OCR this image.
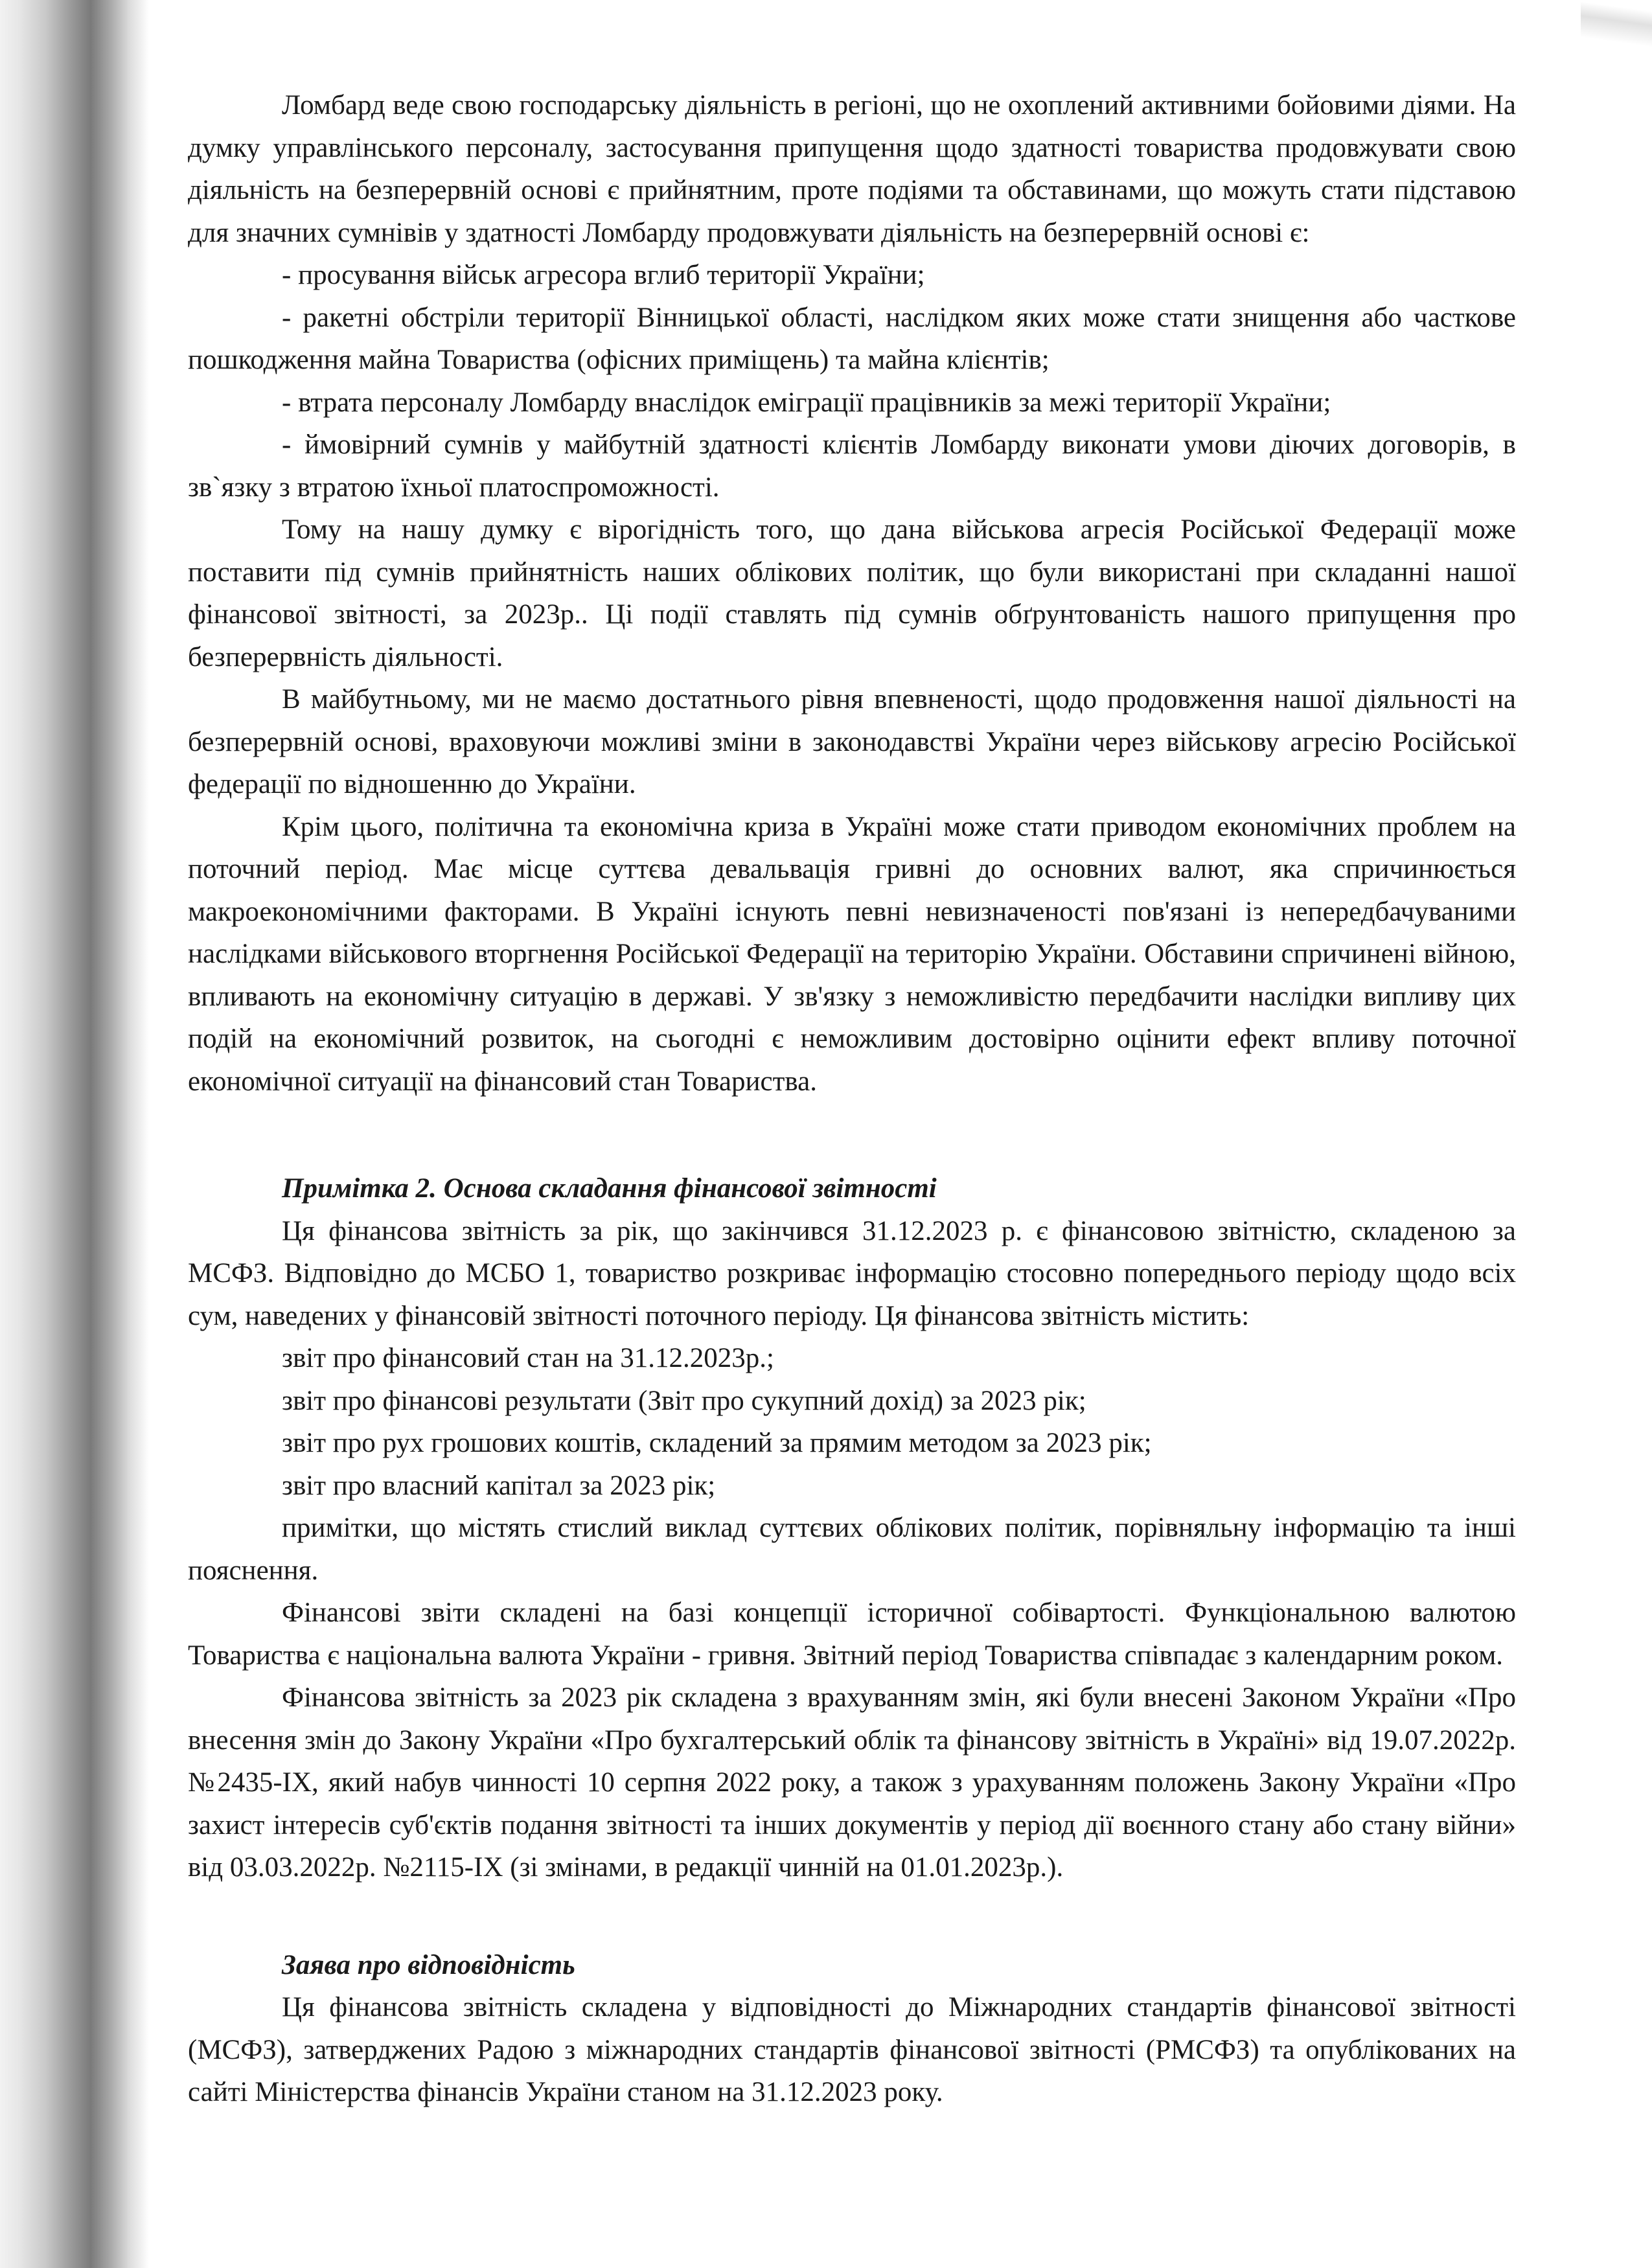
Ломбард веде свою господарську діяльність в регіоні, що не охоплений активними бойовими діями. На думку управлінського персоналу, застосування припущення щодо здатності товариства продовжувати свою діяльність на безперервній основі є прийнятним, проте подіями та обставинами, що можуть стати підставою для значних сумнівів у здатності Ломбарду продовжувати діяльність на безперервній основі є:

- просування військ агресора вглиб території України;

- ракетні обстріли території Вінницької області, наслідком яких може стати знищення або часткове пошкодження майна Товариства (офісних приміщень) та майна клієнтів;

- втрата персоналу Ломбарду внаслідок еміграції працівників за межі території України;

- ймовірний сумнів у майбутній здатності клієнтів Ломбарду виконати умови діючих договорів, в зв`язку з втратою їхньої платоспроможності.

Тому на нашу думку є вірогідність того, що дана військова агресія Російської Федерації може поставити під сумнів прийнятність наших облікових політик, що були використані при складанні нашої фінансової звітності, за 2023р.. Ці події ставлять під сумнів обґрунтованість нашого припущення про безперервність діяльності.

В майбутньому, ми не маємо достатнього рівня впевненості, щодо продовження нашої діяльності на безперервній основі, враховуючи можливі зміни в законодавстві України через військову агресію Російської федерації по відношенню до України.

Крім цього, політична та економічна криза в Україні може стати приводом економічних проблем на поточний період. Має місце суттєва девальвація гривні до основних валют, яка спричинюється макроекономічними факторами. В Україні існують певні невизначеності пов'язані із непередбачуваними наслідками військового вторгнення Російської Федерації на територію України. Обставини спричинені війною, впливають на економічну ситуацію в державі. У зв'язку з неможливістю передбачити наслідки випливу цих подій на економічний розвиток, на сьогодні є неможливим достовірно оцінити ефект впливу поточної економічної ситуації на фінансовий стан Товариства.

Примітка 2. Основа складання фінансової звітності

Ця фінансова звітність за рік, що закінчився 31.12.2023 р. є фінансовою звітністю, складеною за МСФЗ. Відповідно до МСБО 1, товариство розкриває інформацію стосовно попереднього періоду щодо всіх сум, наведених у фінансовій звітності поточного періоду. Ця фінансова звітність містить:

звіт про фінансовий стан на 31.12.2023р.;

звіт про фінансові результати (Звіт про сукупний дохід) за 2023 рік;

звіт про рух грошових коштів, складений за прямим методом за 2023 рік;

звіт про власний капітал за 2023 рік;

примітки, що містять стислий виклад суттєвих облікових політик, порівняльну інформацію та інші пояснення.

Фінансові звіти складені на базі концепції історичної собівартості. Функціональною валютою Товариства є національна валюта України - гривня. Звітний період Товариства співпадає з календарним роком.

Фінансова звітність за 2023 рік складена з врахуванням змін, які були внесені Законом України «Про внесення змін до Закону України «Про бухгалтерський облік та фінансову звітність в Україні» від 19.07.2022р. №2435-ІХ, який набув чинності 10 серпня 2022 року, а також з урахуванням положень Закону України «Про захист інтересів суб'єктів подання звітності та інших документів у період дії воєнного стану або стану війни» від 03.03.2022р. №2115-ІХ (зі змінами, в редакції чинній на 01.01.2023р.).

Заява про відповідність

Ця фінансова звітність складена у відповідності до Міжнародних стандартів фінансової звітності (МСФЗ), затверджених Радою з міжнародних стандартів фінансової звітності (РМСФЗ) та опублікованих на сайті Міністерства фінансів України станом на 31.12.2023 року.
